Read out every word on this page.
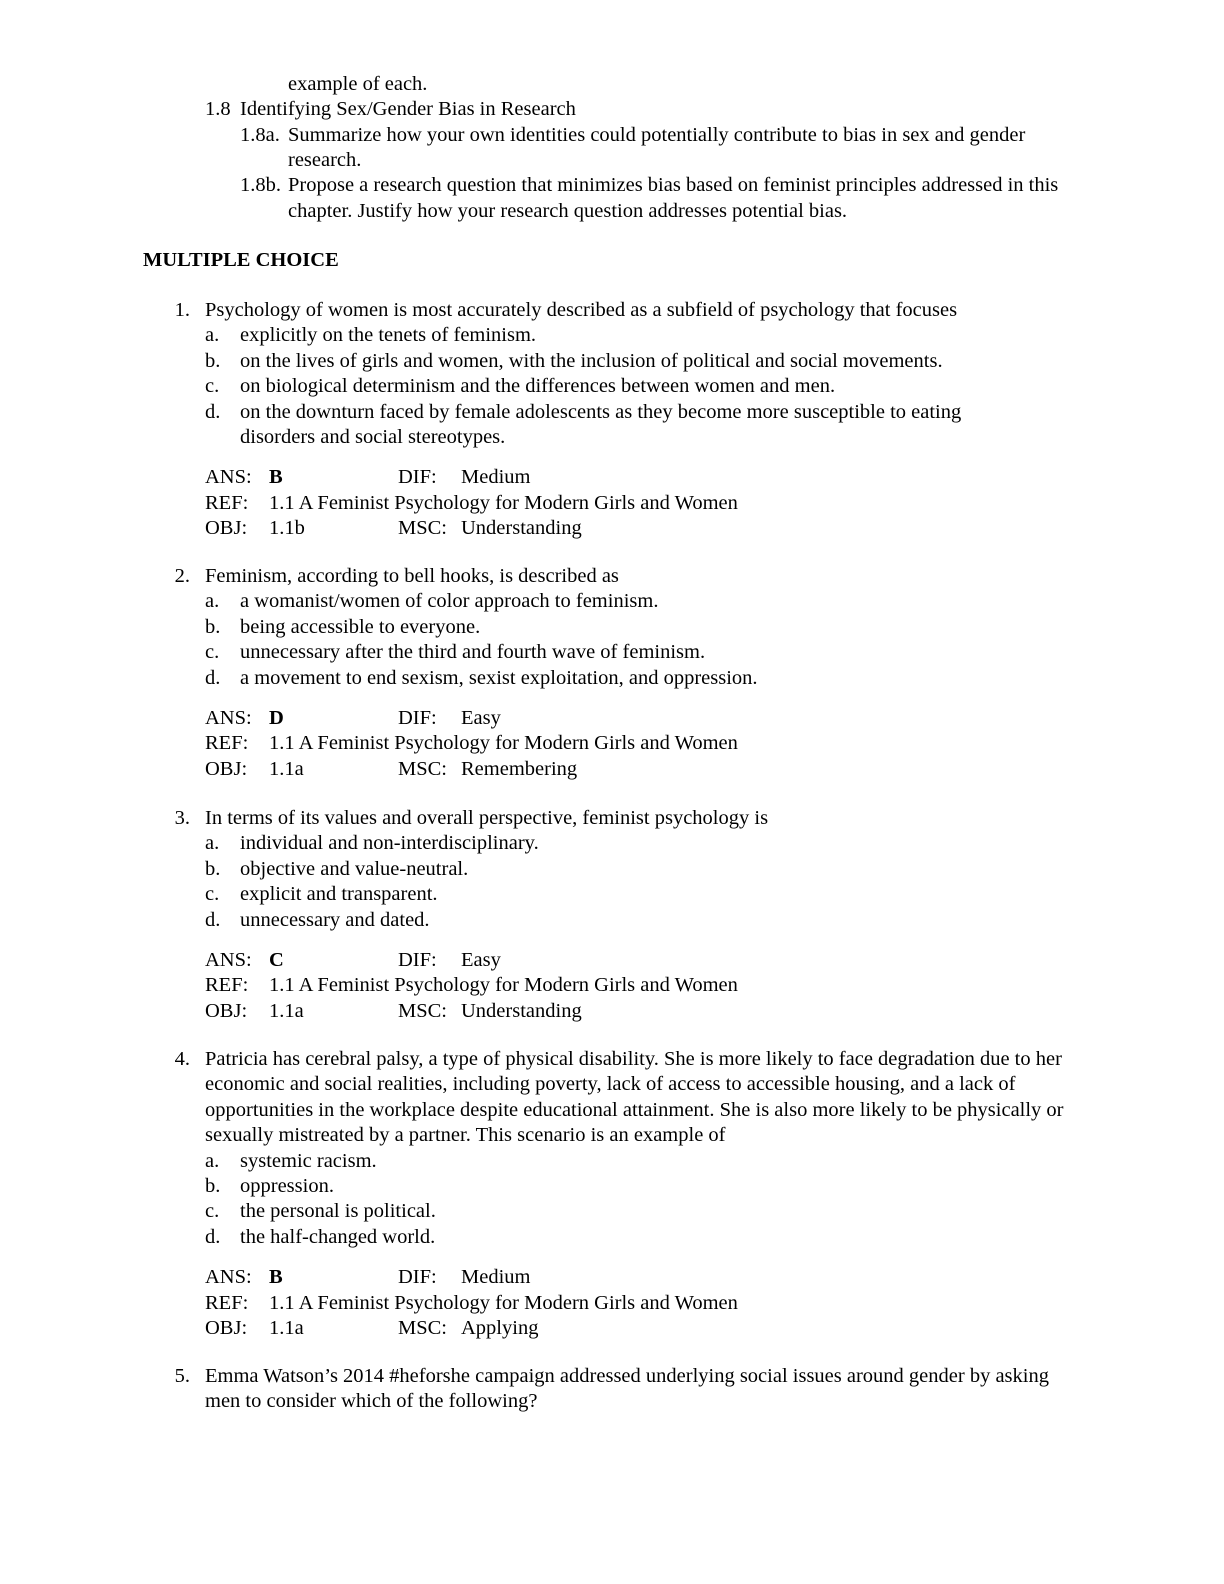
example of each.
1.8 Identifying Sex/Gender Bias in Research
1.8a. Summarize how your own identities could potentially contribute to bias in sex and gender
research.
1.8b. Propose a research question that minimizes bias based on feminist principles addressed in this
chapter. Justify how your research question addresses potential bias.
MULTIPLE CHOICE
1. Psychology of women is most accurately described as a subfield of psychology that focuses
a. explicitly on the tenets of feminism.
b. on the lives of girls and women, with the inclusion of political and social movements.
c. on biological determinism and the differences between women and men.
d. on the downturn faced by female adolescents as they become more susceptible to eating
disorders and social stereotypes.
ANS: B	DIF: Medium
REF: 1.1 A Feminist Psychology for Modern Girls and Women
OBJ: 1.1b	MSC: Understanding
2. Feminism, according to bell hooks, is described as
a. a womanist/women of color approach to feminism.
b. being accessible to everyone.
c. unnecessary after the third and fourth wave of feminism.
d. a movement to end sexism, sexist exploitation, and oppression.
ANS: D	DIF: Easy
REF: 1.1 A Feminist Psychology for Modern Girls and Women
OBJ: 1.1a	MSC: Remembering
3. In terms of its values and overall perspective, feminist psychology is
a. individual and non-interdisciplinary.
b. objective and value-neutral.
c. explicit and transparent.
d. unnecessary and dated.
ANS: C	DIF: Easy
REF: 1.1 A Feminist Psychology for Modern Girls and Women
OBJ: 1.1a	MSC: Understanding
4. Patricia has cerebral palsy, a type of physical disability. She is more likely to face degradation due to her
economic and social realities, including poverty, lack of access to accessible housing, and a lack of
opportunities in the workplace despite educational attainment. She is also more likely to be physically or
sexually mistreated by a partner. This scenario is an example of
a. systemic racism.
b. oppression.
c. the personal is political.
d. the half-changed world.
ANS: B	DIF: Medium
REF: 1.1 A Feminist Psychology for Modern Girls and Women
OBJ: 1.1a	MSC: Applying
5. Emma Watson’s 2014 #heforshe campaign addressed underlying social issues around gender by asking
men to consider which of the following?
